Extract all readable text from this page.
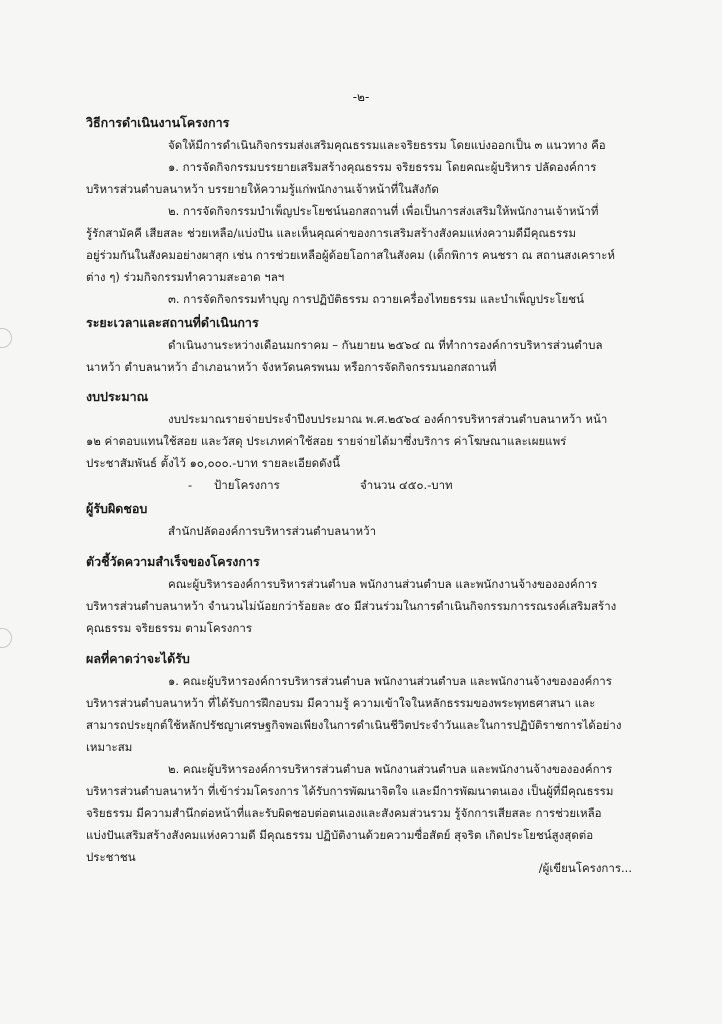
-๒-
วิธีการดำเนินงานโครงการ
จัดให้มีการดำเนินกิจกรรมส่งเสริมคุณธรรมและจริยธรรม โดยแบ่งออกเป็น ๓ แนวทาง คือ
๑. การจัดกิจกรรมบรรยายเสริมสร้างคุณธรรม จริยธรรม โดยคณะผู้บริหาร ปลัดองค์การ
บริหารส่วนตำบลนาหว้า บรรยายให้ความรู้แก่พนักงานเจ้าหน้าที่ในสังกัด
๒. การจัดกิจกรรมบำเพ็ญประโยชน์นอกสถานที่ เพื่อเป็นการส่งเสริมให้พนักงานเจ้าหน้าที่
รู้รักสามัคคี เสียสละ ช่วยเหลือ/แบ่งปัน และเห็นคุณค่าของการเสริมสร้างสังคมแห่งความดีมีคุณธรรม
อยู่ร่วมกันในสังคมอย่างผาสุก เช่น การช่วยเหลือผู้ด้อยโอกาสในสังคม (เด็กพิการ คนชรา ณ สถานสงเคราะห์
ต่าง ๆ) ร่วมกิจกรรมทำความสะอาด ฯลฯ
๓. การจัดกิจกรรมทำบุญ การปฏิบัติธรรม ถวายเครื่องไทยธรรม และบำเพ็ญประโยชน์
ระยะเวลาและสถานที่ดำเนินการ
ดำเนินงานระหว่างเดือนมกราคม – กันยายน ๒๕๖๔ ณ ที่ทำการองค์การบริหารส่วนตำบล
นาหว้า ตำบลนาหว้า อำเภอนาหว้า จังหวัดนครพนม หรือการจัดกิจกรรมนอกสถานที่
งบประมาณ
งบประมาณรายจ่ายประจำปีงบประมาณ พ.ศ.๒๕๖๔ องค์การบริหารส่วนตำบลนาหว้า หน้า
๑๒ ค่าตอบแทนใช้สอย และวัสดุ ประเภทค่าใช้สอย รายจ่ายได้มาซึ่งบริการ ค่าโฆษณาและเผยแพร่
ประชาสัมพันธ์ ตั้งไว้ ๑๐,๐๐๐.-บาท รายละเอียดดังนี้
-	ป้ายโครงการ	จำนวน ๔๕๐.-บาท
ผู้รับผิดชอบ
สำนักปลัดองค์การบริหารส่วนตำบลนาหว้า
ตัวชี้วัดความสำเร็จของโครงการ
คณะผู้บริหารองค์การบริหารส่วนตำบล พนักงานส่วนตำบล และพนักงานจ้างขององค์การ
บริหารส่วนตำบลนาหว้า จำนวนไม่น้อยกว่าร้อยละ ๕๐ มีส่วนร่วมในการดำเนินกิจกรรมการรณรงค์เสริมสร้าง
คุณธรรม จริยธรรม ตามโครงการ
ผลที่คาดว่าจะได้รับ
๑. คณะผู้บริหารองค์การบริหารส่วนตำบล พนักงานส่วนตำบล และพนักงานจ้างขององค์การ
บริหารส่วนตำบลนาหว้า ที่ได้รับการฝึกอบรม มีความรู้ ความเข้าใจในหลักธรรมของพระพุทธศาสนา และ
สามารถประยุกต์ใช้หลักปรัชญาเศรษฐกิจพอเพียงในการดำเนินชีวิตประจำวันและในการปฏิบัติราชการได้อย่าง
เหมาะสม
๒. คณะผู้บริหารองค์การบริหารส่วนตำบล พนักงานส่วนตำบล และพนักงานจ้างขององค์การ
บริหารส่วนตำบลนาหว้า ที่เข้าร่วมโครงการ ได้รับการพัฒนาจิตใจ และมีการพัฒนาตนเอง เป็นผู้ที่มีคุณธรรม
จริยธรรม มีความสำนึกต่อหน้าที่และรับผิดชอบต่อตนเองและสังคมส่วนรวม รู้จักการเสียสละ การช่วยเหลือ
แบ่งปันเสริมสร้างสังคมแห่งความดี มีคุณธรรม ปฏิบัติงานด้วยความซื่อสัตย์ สุจริต เกิดประโยชน์สูงสุดต่อ
ประชาชน
/ผู้เขียนโครงการ...
